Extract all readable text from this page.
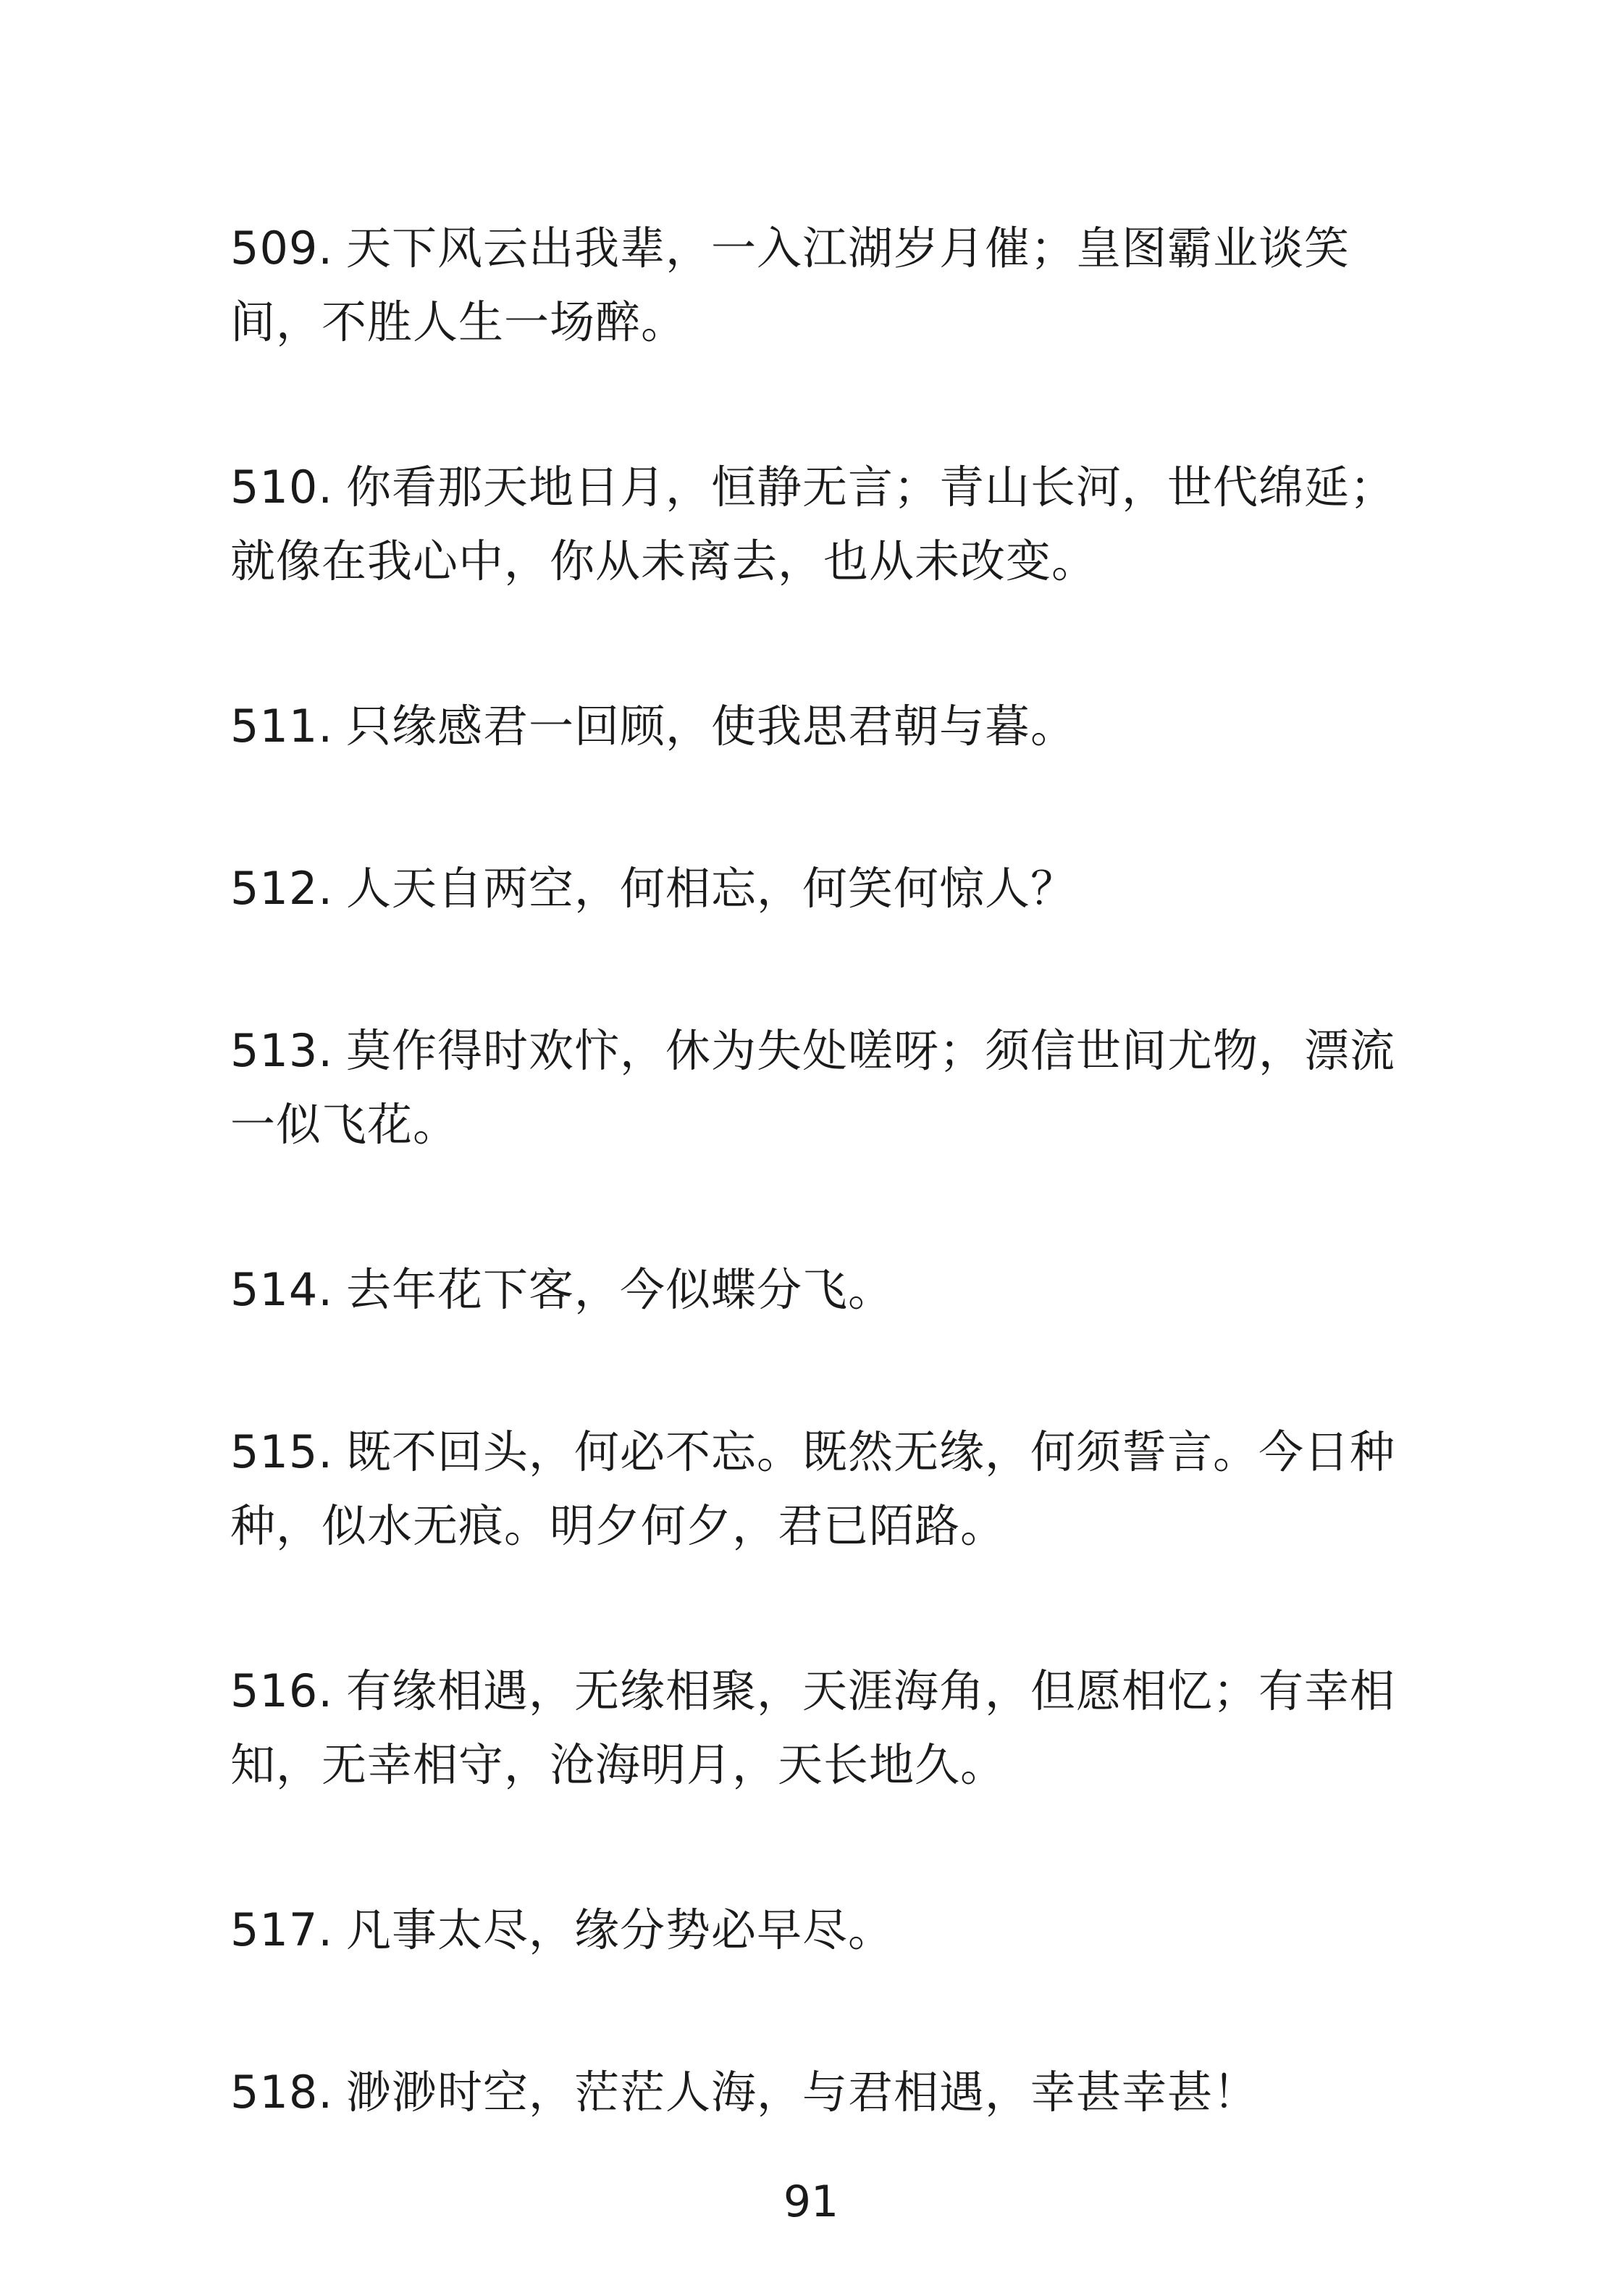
509. 天下风云出我辈，一入江湖岁月催；皇图霸业谈笑间，不胜人生一场醉。
510. 你看那天地日月，恒静无言；青山长河，世代绵延；就像在我心中，你从未离去，也从未改变。
511. 只缘感君一回顾，使我思君朝与暮。
512. 人天自两空，何相忘，何笑何惊人？
513. 莫作得时欢忭，休为失处嗟呀；须信世间尤物，漂流一似飞花。
514. 去年花下客，今似蝶分飞。
515. 既不回头，何必不忘。既然无缘，何须誓言。今日种种，似水无痕。明夕何夕，君已陌路。
516. 有缘相遇，无缘相聚，天涯海角，但愿相忆；有幸相知，无幸相守，沧海明月，天长地久。
517. 凡事太尽，缘分势必早尽。
518. 渺渺时空，茫茫人海，与君相遇，幸甚幸甚！
91
